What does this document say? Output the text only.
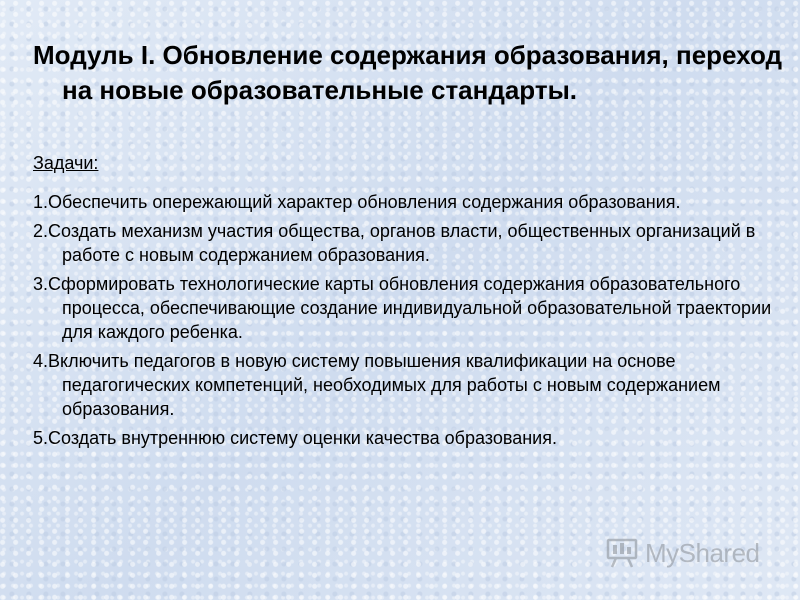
Модуль I. Обновление содержания образования, переход на новые образовательные стандарты.
Задачи:
1.Обеспечить опережающий характер обновления содержания образования.
2.Создать механизм участия общества, органов власти, общественных организаций в работе с новым содержанием образования.
3.Сформировать технологические карты обновления содержания образовательного процесса, обеспечивающие создание индивидуальной образовательной траектории для каждого ребенка.
4.Включить педагогов в новую систему повышения квалификации на основе педагогических компетенций, необходимых для работы с новым содержанием образования.
5.Создать внутреннюю систему оценки качества образования.
MyShared
